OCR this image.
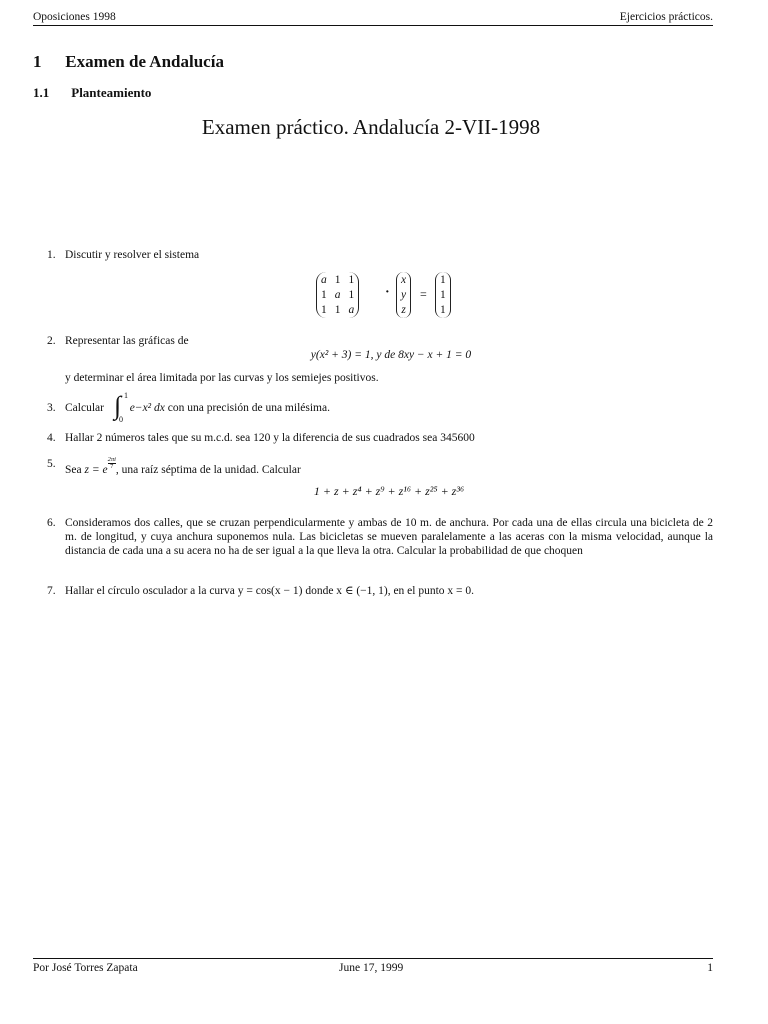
Oposiciones 1998	Ejercicios prácticos.
1 Examen de Andalucía
1.1 Planteamiento
Examen práctico. Andalucía 2-VII-1998
1. Discutir y resolver el sistema
a	1	1
1	a	1
1	1	a
·
x
y
z
=
1
1
1
2. Representar las gráficas de
y(x² + 3) = 1, y de 8xy − x + 1 = 0
y determinar el área limitada por las curvas y los semiejes positivos.
3. Calcular e−x² dx con una precisión de una milésima.
∫ 1
0
4. Hallar 2 números tales que su m.c.d. sea 120 y la diferencia de sus cuadrados sea 345600
5. Sea z = e $\frac{2\pi i}{7}$ , una raíz séptima de la unidad. Calcular
1 + z + z⁴ + z⁹ + z¹⁶ + z²⁵ + z³⁶
6. Consideramos dos calles, que se cruzan perpendicularmente y ambas de 10 m. de anchura. Por cada una de ellas circula una bicicleta de 2 m. de longitud, y cuya anchura suponemos nula. Las bicicletas se mueven paralelamente a las aceras con la misma velocidad, aunque la distancia de cada una a su acera no ha de ser igual a la que lleva la otra. Calcular la probabilidad de que choquen
7. Hallar el círculo osculador a la curva y = cos(x − 1) donde x ∈ (−1, 1), en el punto x = 0.
Por José Torres Zapata	June 17, 1999	1
